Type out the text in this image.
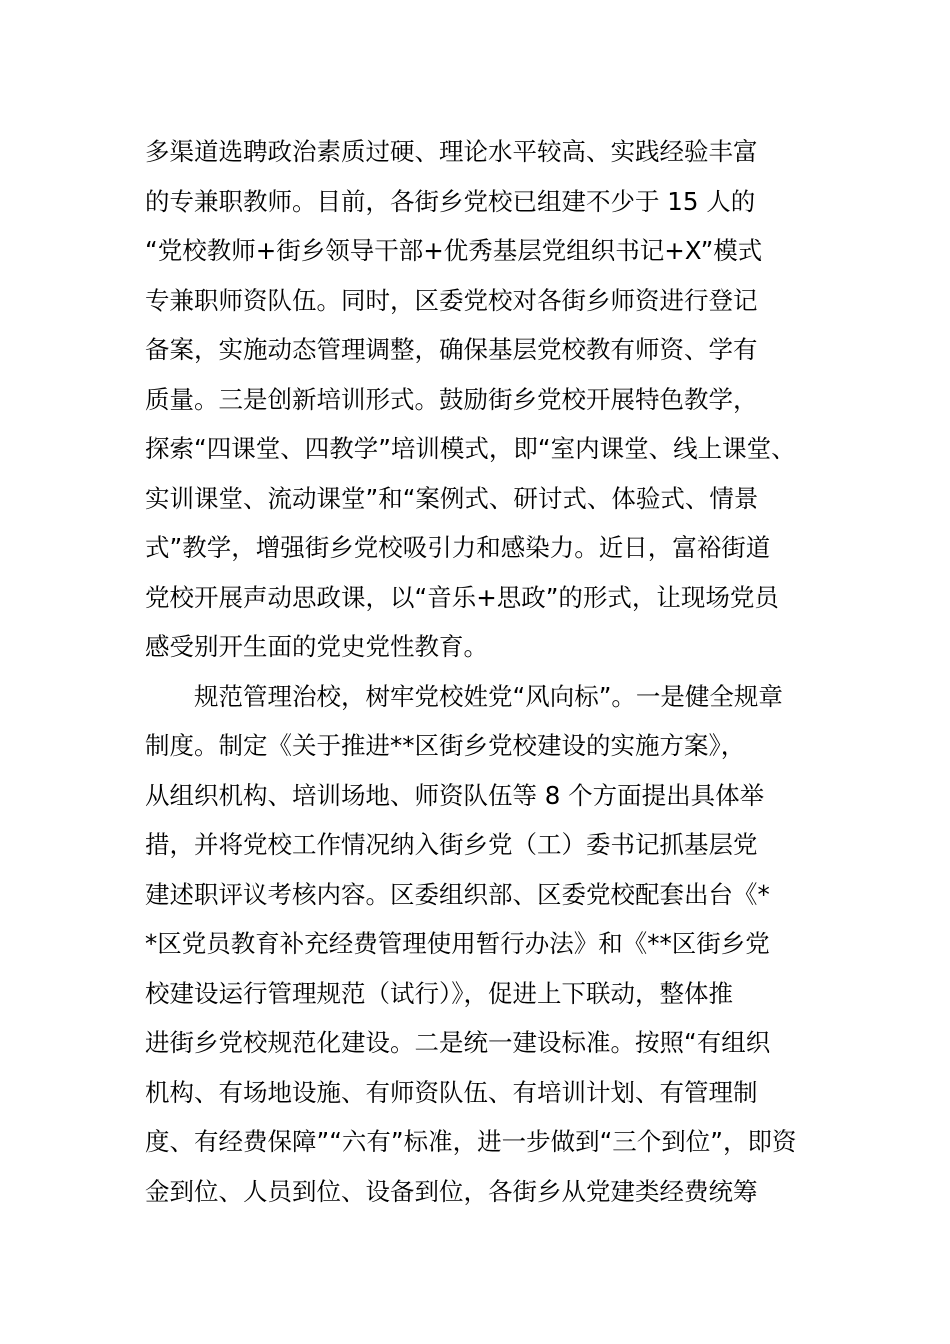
多渠道选聘政治素质过硬、理论水平较高、实践经验丰富
的专兼职教师。目前，各街乡党校已组建不少于 15 人的
“党校教师+街乡领导干部+优秀基层党组织书记+X”模式
专兼职师资队伍。同时，区委党校对各街乡师资进行登记
备案，实施动态管理调整，确保基层党校教有师资、学有
质量。三是创新培训形式。鼓励街乡党校开展特色教学，
探索“四课堂、四教学”培训模式，即“室内课堂、线上课堂、
实训课堂、流动课堂”和“案例式、研讨式、体验式、情景
式”教学，增强街乡党校吸引力和感染力。近日，富裕街道
党校开展声动思政课，以“音乐+思政”的形式，让现场党员
感受别开生面的党史党性教育。
规范管理治校，树牢党校姓党“风向标”。一是健全规章
制度。制定《关于推进**区街乡党校建设的实施方案》，
从组织机构、培训场地、师资队伍等 8 个方面提出具体举
措，并将党校工作情况纳入街乡党（工）委书记抓基层党
建述职评议考核内容。区委组织部、区委党校配套出台《*
*区党员教育补充经费管理使用暂行办法》和《**区街乡党
校建设运行管理规范（试行）》，促进上下联动，整体推
进街乡党校规范化建设。二是统一建设标准。按照“有组织
机构、有场地设施、有师资队伍、有培训计划、有管理制
度、有经费保障”“六有”标准，进一步做到“三个到位”，即资
金到位、人员到位、设备到位，各街乡从党建类经费统筹
